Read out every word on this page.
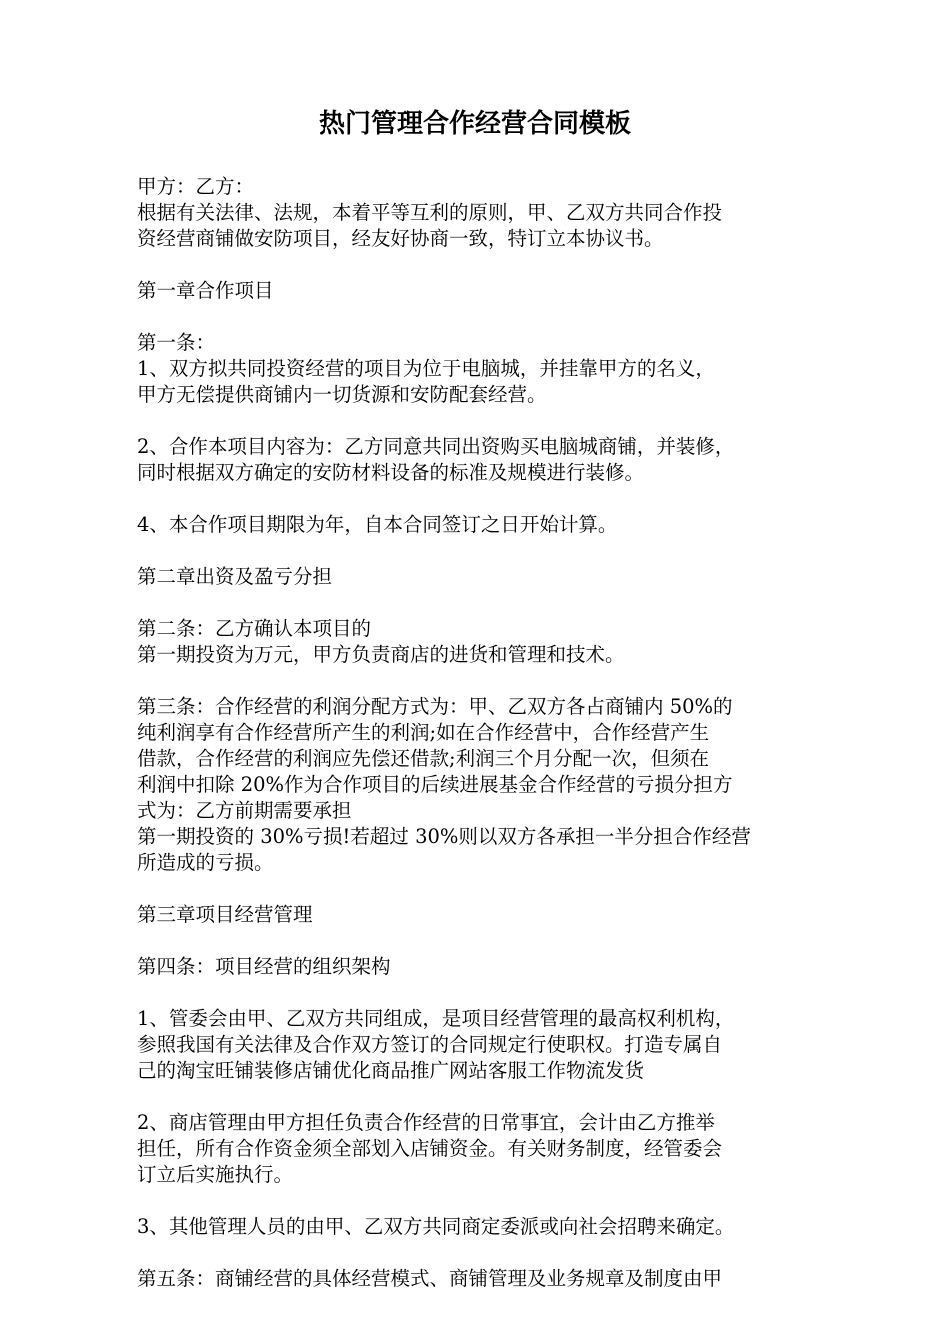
热门管理合作经营合同模板
甲方：乙方：
根据有关法律、法规，本着平等互利的原则，甲、乙双方共同合作投
资经营商铺做安防项目，经友好协商一致，特订立本协议书。
第一章合作项目
第一条：
1、双方拟共同投资经营的项目为位于电脑城，并挂靠甲方的名义，
甲方无偿提供商铺内一切货源和安防配套经营。
2、合作本项目内容为：乙方同意共同出资购买电脑城商铺，并装修，
同时根据双方确定的安防材料设备的标准及规模进行装修。
4、本合作项目期限为年，自本合同签订之日开始计算。
第二章出资及盈亏分担
第二条：乙方确认本项目的
第一期投资为万元，甲方负责商店的进货和管理和技术。
第三条：合作经营的利润分配方式为：甲、乙双方各占商铺内 50%的
纯利润享有合作经营所产生的利润;如在合作经营中，合作经营产生
借款，合作经营的利润应先偿还借款;利润三个月分配一次，但须在
利润中扣除 20%作为合作项目的后续进展基金合作经营的亏损分担方
式为：乙方前期需要承担
第一期投资的 30%亏损!若超过 30%则以双方各承担一半分担合作经营
所造成的亏损。
第三章项目经营管理
第四条：项目经营的组织架构
1、管委会由甲、乙双方共同组成，是项目经营管理的最高权利机构，
参照我国有关法律及合作双方签订的合同规定行使职权。打造专属自
己的淘宝旺铺装修店铺优化商品推广网站客服工作物流发货
2、商店管理由甲方担任负责合作经营的日常事宜，会计由乙方推举
担任，所有合作资金须全部划入店铺资金。有关财务制度，经管委会
订立后实施执行。
3、其他管理人员的由甲、乙双方共同商定委派或向社会招聘来确定。
第五条：商铺经营的具体经营模式、商铺管理及业务规章及制度由甲
